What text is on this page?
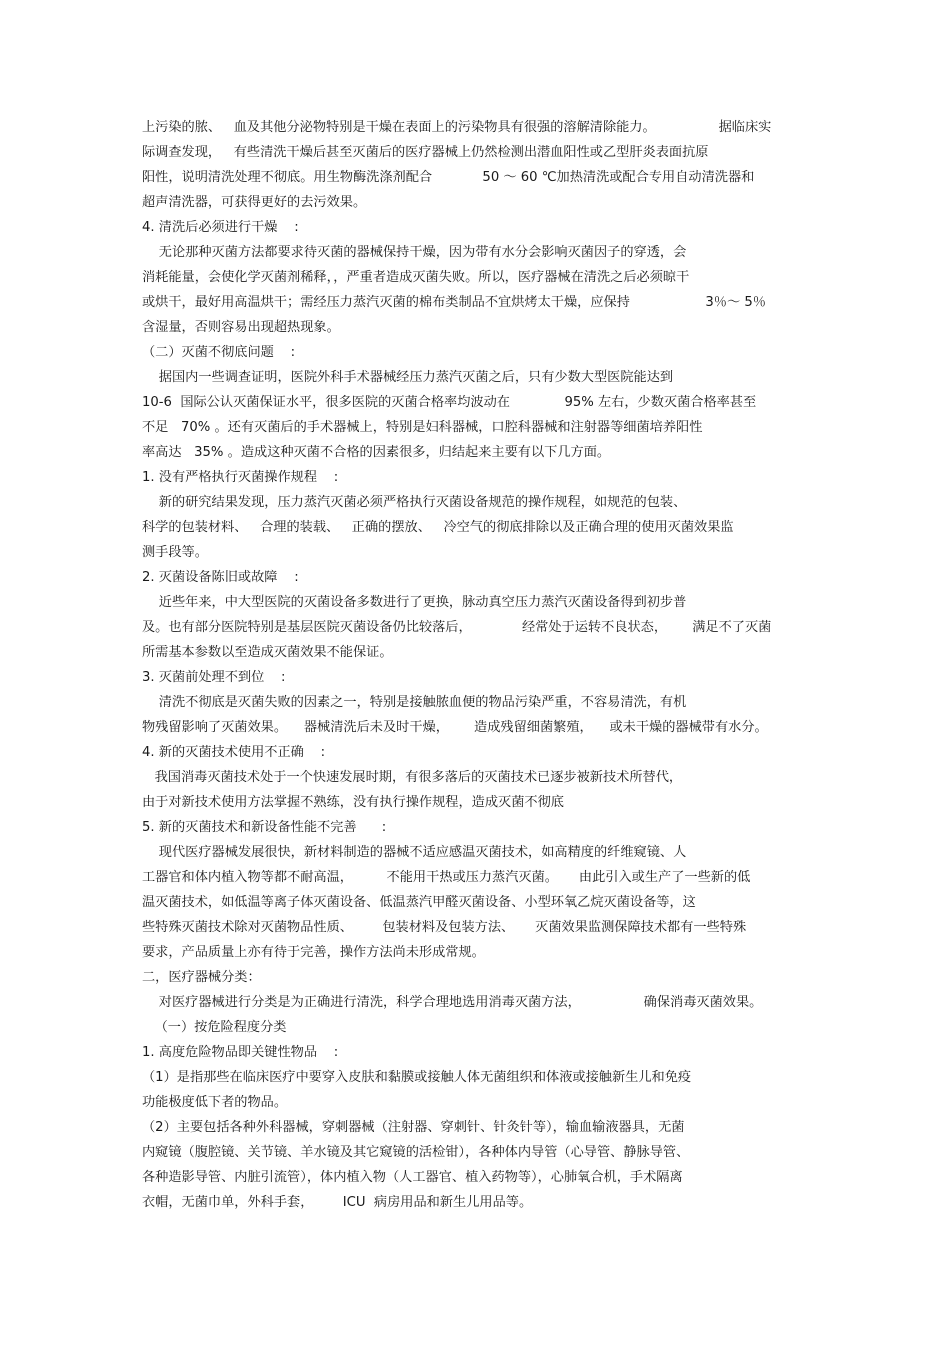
上污染的脓、   血及其他分泌物特别是干燥在表面上的污染物具有很强的溶解清除能力。               据临床实
际调查发现，   有些清洗干燥后甚至灭菌后的医疗器械上仍然检测出潜血阳性或乙型肝炎表面抗原
阳性，说明清洗处理不彻底。用生物酶洗涤剂配合            50 ～ 60 ℃加热清洗或配合专用自动清洗器和
超声清洗器，可获得更好的去污效果。
4. 清洗后必须进行干燥    :
无论那种灭菌方法都要求待灭菌的器械保持干燥，因为带有水分会影响灭菌因子的穿透，会
消耗能量，会使化学灭菌剂稀释，，严重者造成灭菌失败。所以，医疗器械在清洗之后必须晾干
或烘干，最好用高温烘干；需经压力蒸汽灭菌的棉布类制品不宜烘烤太干燥，应保持                  3％～ 5％
含湿量，否则容易出现超热现象。
（二）灭菌不彻底问题    :
据国内一些调查证明，医院外科手术器械经压力蒸汽灭菌之后，只有少数大型医院能达到
10-6  国际公认灭菌保证水平，很多医院的灭菌合格率均波动在             95% 左右，少数灭菌合格率甚至
不足   70% 。还有灭菌后的手术器械上，特别是妇科器械，口腔科器械和注射器等细菌培养阳性
率高达   35% 。造成这种灭菌不合格的因素很多，归结起来主要有以下几方面。
1. 没有严格执行灭菌操作规程    :
新的研究结果发现，压力蒸汽灭菌必须严格执行灭菌设备规范的操作规程，如规范的包装、
科学的包装材料、   合理的装载、   正确的摆放、   冷空气的彻底排除以及正确合理的使用灭菌效果监
测手段等。
2. 灭菌设备陈旧或故障    :
近些年来，中大型医院的灭菌设备多数进行了更换，脉动真空压力蒸汽灭菌设备得到初步普
及。也有部分医院特别是基层医院灭菌设备仍比较落后，            经常处于运转不良状态，      满足不了灭菌
所需基本参数以至造成灭菌效果不能保证。
3. 灭菌前处理不到位    :
清洗不彻底是灭菌失败的因素之一，特别是接触脓血便的物品污染严重，不容易清洗，有机
物残留影响了灭菌效果。    器械清洗后未及时干燥，      造成残留细菌繁殖，    或未干燥的器械带有水分。
4. 新的灭菌技术使用不正确    :
我国消毒灭菌技术处于一个快速发展时期，有很多落后的灭菌技术已逐步被新技术所替代，
由于对新技术使用方法掌握不熟练，没有执行操作规程，造成灭菌不彻底
5. 新的灭菌技术和新设备性能不完善      :
现代医疗器械发展很快，新材料制造的器械不适应感温灭菌技术，如高精度的纤维窥镜、人
工器官和体内植入物等都不耐高温，        不能用干热或压力蒸汽灭菌。     由此引入或生产了一些新的低
温灭菌技术，如低温等离子体灭菌设备、低温蒸汽甲醛灭菌设备、小型环氧乙烷灭菌设备等，这
些特殊灭菌技术除对灭菌物品性质、       包装材料及包装方法、     灭菌效果监测保障技术都有一些特殊
要求，产品质量上亦有待于完善，操作方法尚未形成常规。
二，医疗器械分类：
对医疗器械进行分类是为正确进行清洗，科学合理地选用消毒灭菌方法，               确保消毒灭菌效果。
（一）按危险程度分类
1. 高度危险物品即关键性物品    :
（1）是指那些在临床医疗中要穿入皮肤和黏膜或接触人体无菌组织和体液或接触新生儿和免疫
功能极度低下者的物品。
（2）主要包括各种外科器械，穿刺器械（注射器、穿刺针、针灸针等），输血输液器具，无菌
内窥镜（腹腔镜、关节镜、羊水镜及其它窥镜的活检钳），各种体内导管（心导管、静脉导管、
各种造影导管、内脏引流管），体内植入物（人工器官、植入药物等），心肺氧合机，手术隔离
衣帽，无菌巾单，外科手套，       ICU  病房用品和新生儿用品等。
